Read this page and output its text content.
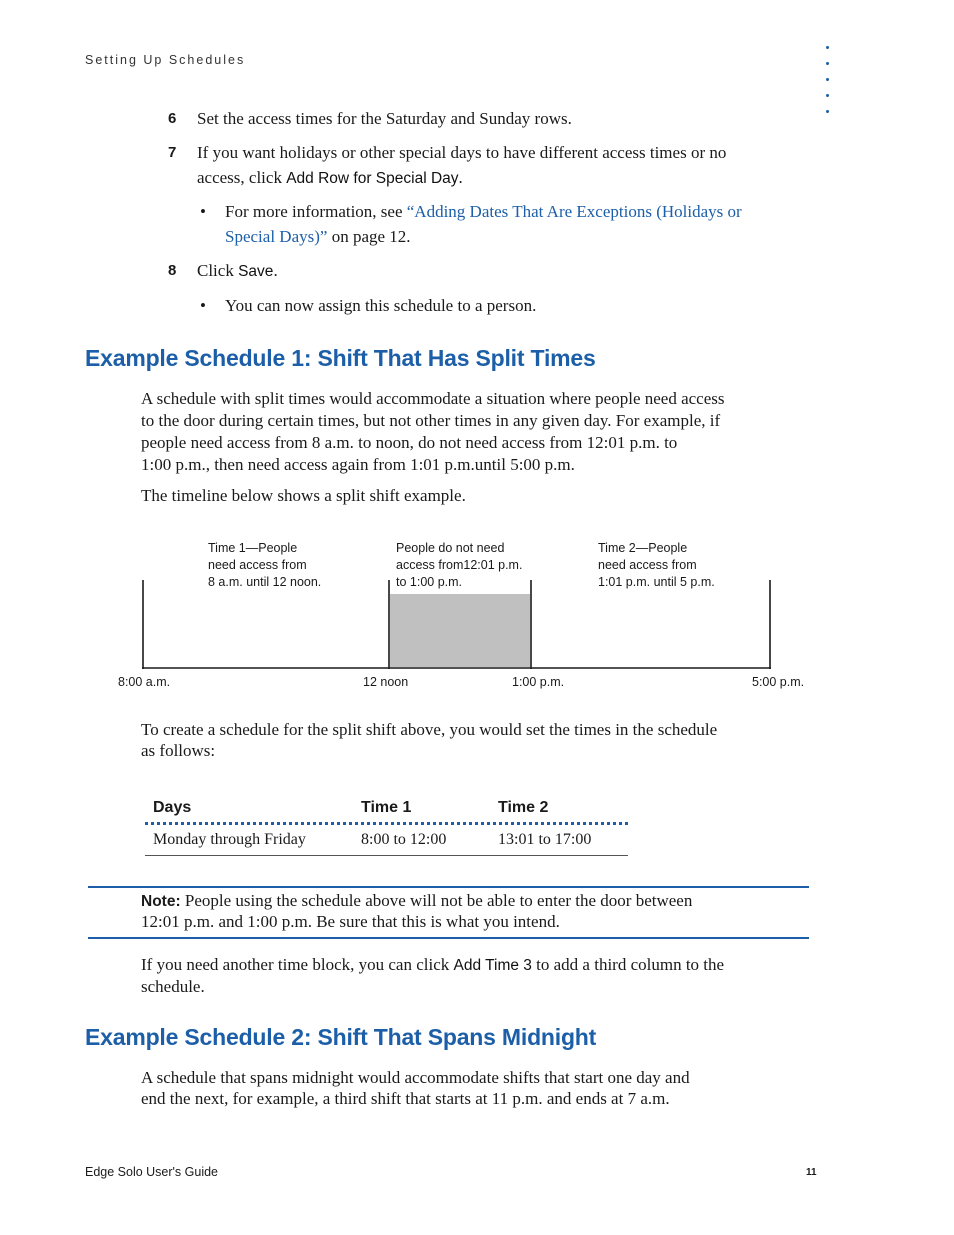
Setting Up Schedules
6 Set the access times for the Saturday and Sunday rows.
7 If you want holidays or other special days to have different access times or no
access, click Add Row for Special Day.
• For more information, see “Adding Dates That Are Exceptions (Holidays or
Special Days)” on page 12.
8 Click Save.
• You can now assign this schedule to a person.
Example Schedule 1: Shift That Has Split Times
A schedule with split times would accommodate a situation where people need access
to the door during certain times, but not other times in any given day. For example, if
people need access from 8 a.m. to noon, do not need access from 12:01 p.m. to
1:00 p.m., then need access again from 1:01 p.m.until 5:00 p.m.
The timeline below shows a split shift example.
Time 1—People
need access from
8 a.m. until 12 noon.
People do not need
access from12:01 p.m.
to 1:00 p.m.
Time 2—People
need access from
1:01 p.m. until 5 p.m.
8:00 a.m.	12 noon	1:00 p.m.	5:00 p.m.
To create a schedule for the split shift above, you would set the times in the schedule
as follows:
Days	Time 1	Time 2
Monday through Friday	8:00 to 12:00	13:01 to 17:00
Note: People using the schedule above will not be able to enter the door between
12:01 p.m. and 1:00 p.m. Be sure that this is what you intend.
If you need another time block, you can click Add Time 3 to add a third column to the
schedule.
Example Schedule 2: Shift That Spans Midnight
A schedule that spans midnight would accommodate shifts that start one day and
end the next, for example, a third shift that starts at 11 p.m. and ends at 7 a.m.
Edge Solo User's Guide	11
